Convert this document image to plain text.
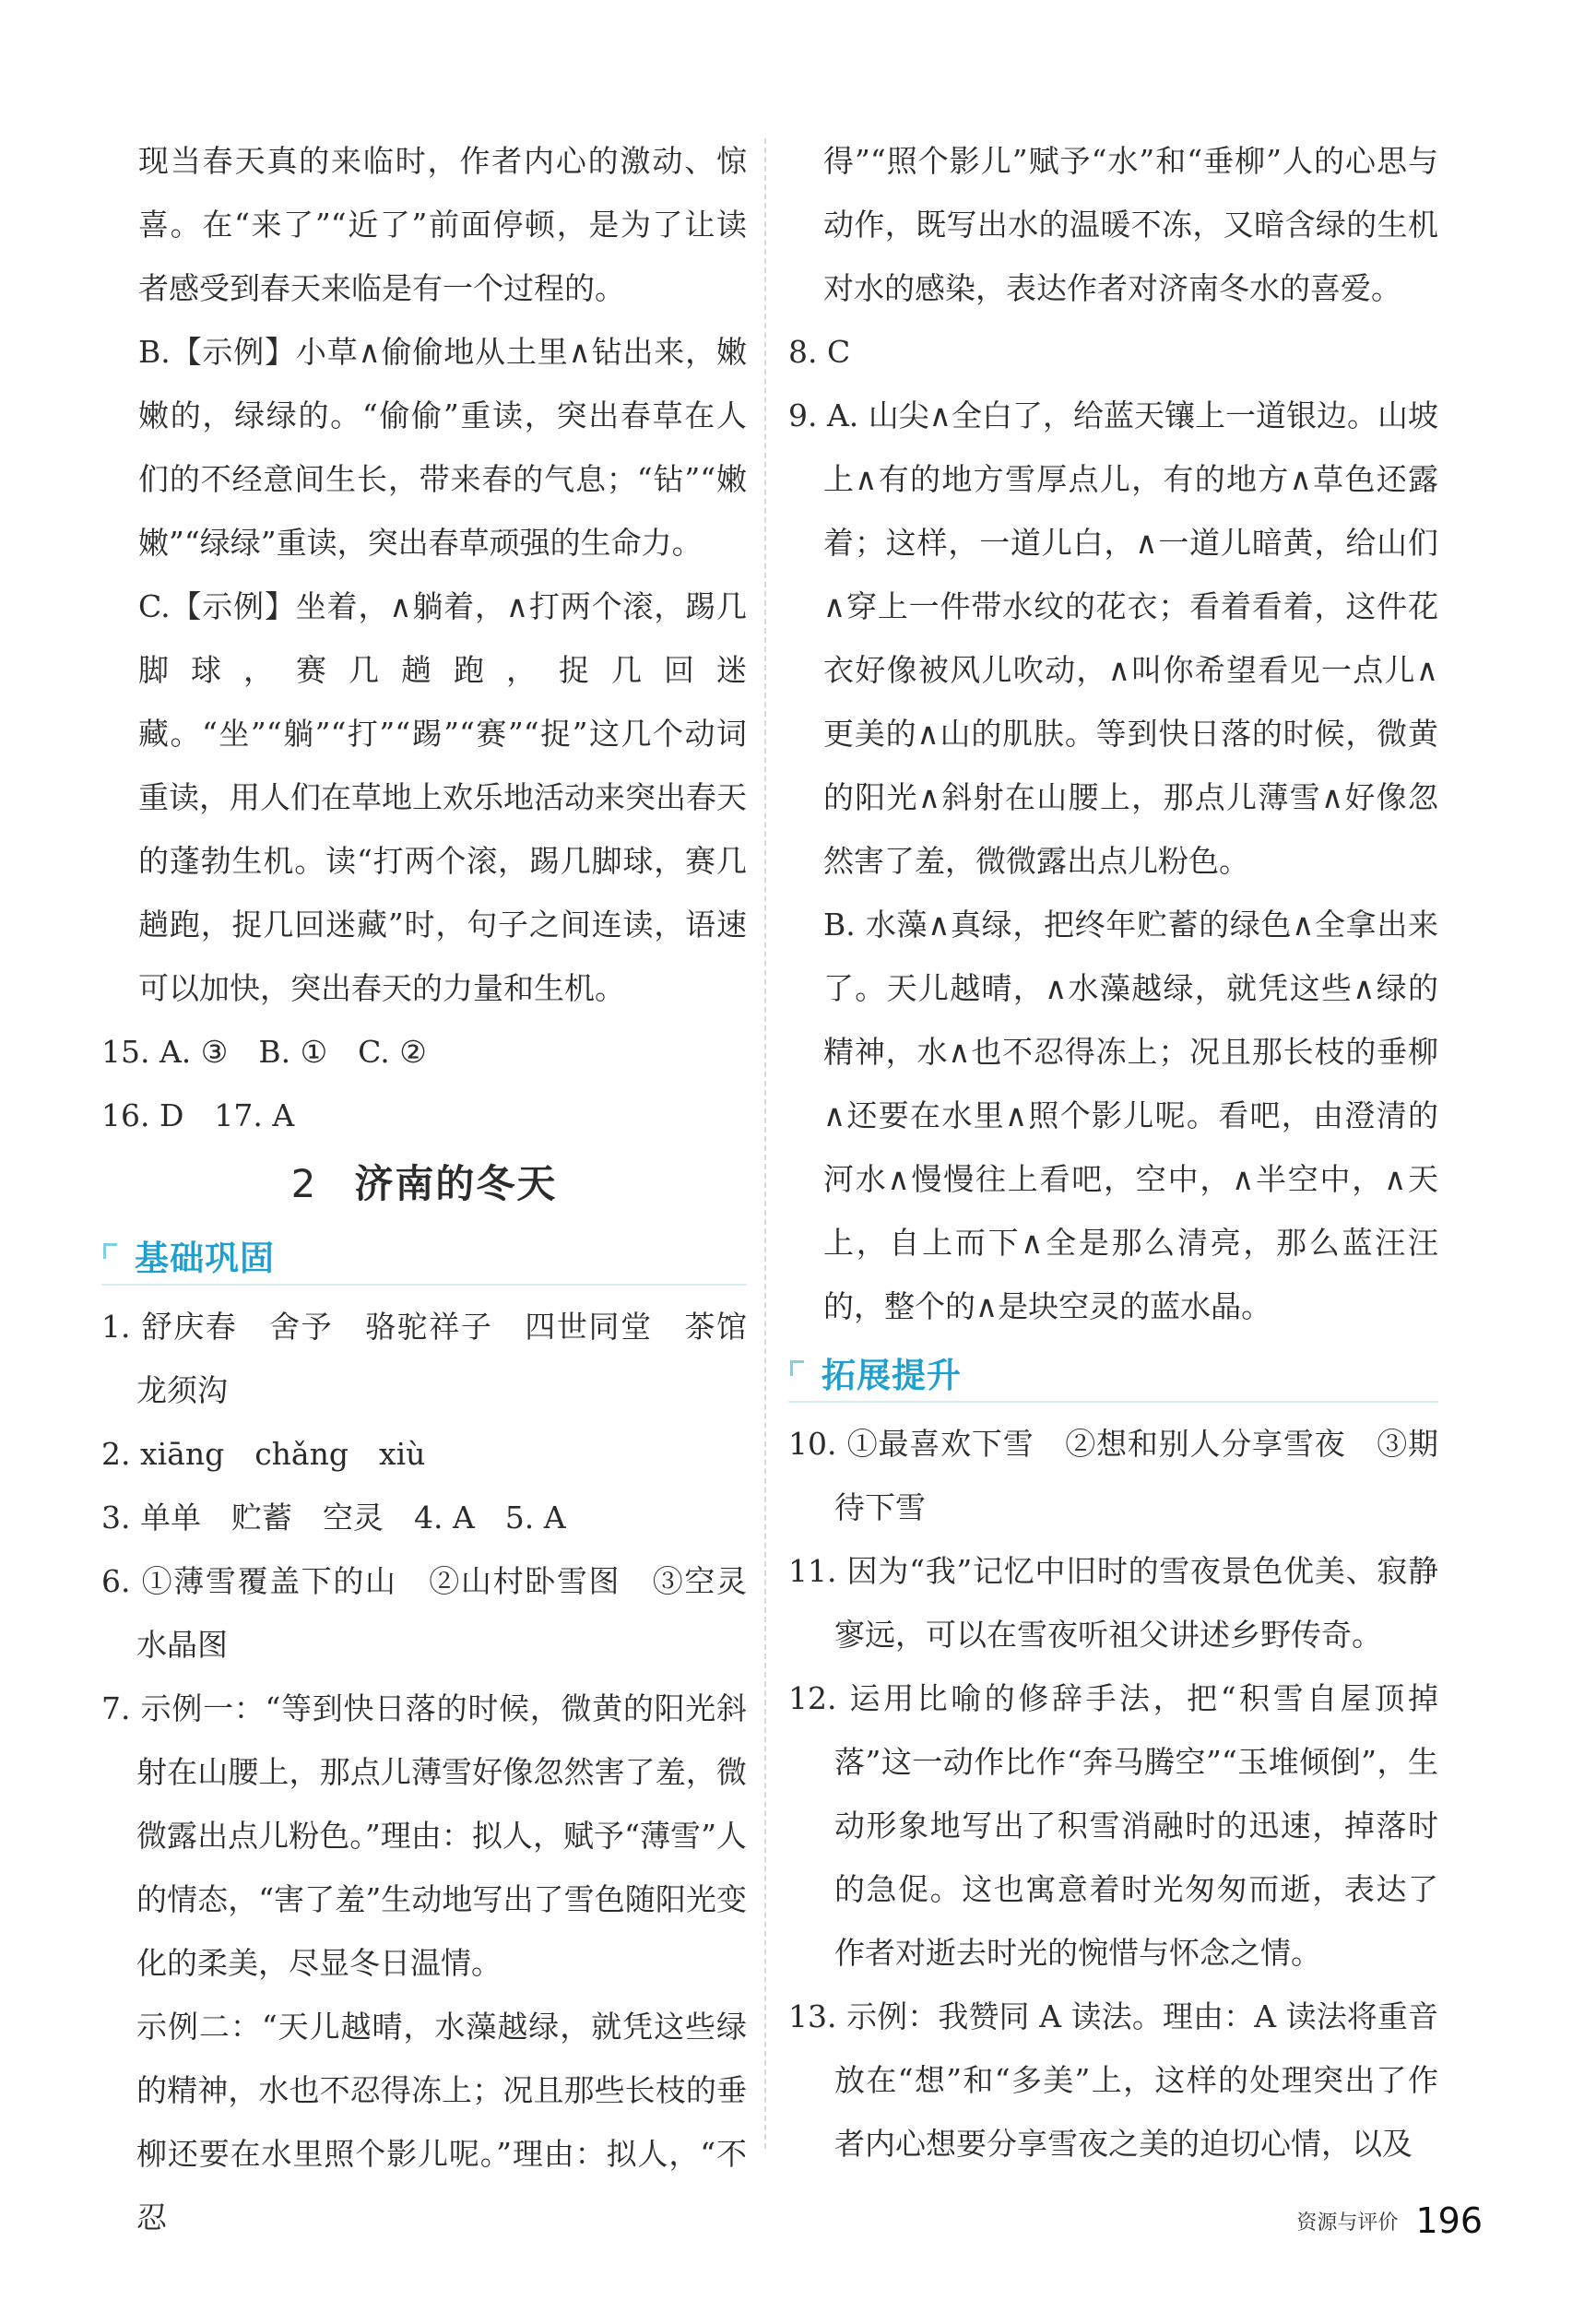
现当春天真的来临时，作者内心的激动、惊喜。在“来了”“近了”前面停顿，是为了让读者感受到春天来临是有一个过程的。

B.【示例】小草∧偷偷地从土里∧钻出来，嫩嫩的，绿绿的。“偷偷”重读，突出春草在人们的不经意间生长，带来春的气息；“钻”“嫩嫩”“绿绿”重读，突出春草顽强的生命力。

C.【示例】坐着，∧躺着，∧打两个滚，踢几脚球，赛几趟跑，捉几回迷藏。“坐”“躺”“打”“踢”“赛”“捉”这几个动词重读，用人们在草地上欢乐地活动来突出春天的蓬勃生机。读“打两个滚，踢几脚球，赛几趟跑，捉几回迷藏”时，句子之间连读，语速可以加快，突出春天的力量和生机。

15. A. ③　B. ①　C. ②

16. D　17. A

2 济南的冬天
基础巩固

1. 舒庆春　舍予　骆驼祥子　四世同堂　茶馆　龙须沟

2. xiāng　chǎng　xiù

3. 单单　贮蓄　空灵　4. A　5. A

6. ①薄雪覆盖下的山　②山村卧雪图　③空灵水晶图

7. 示例一：“等到快日落的时候，微黄的阳光斜射在山腰上，那点儿薄雪好像忽然害了羞，微微露出点儿粉色。”理由：拟人，赋予“薄雪”人的情态，“害了羞”生动地写出了雪色随阳光变化的柔美，尽显冬日温情。

示例二：“天儿越晴，水藻越绿，就凭这些绿的精神，水也不忍得冻上；况且那些长枝的垂柳还要在水里照个影儿呢。”理由：拟人，“不忍

得”“照个影儿”赋予“水”和“垂柳”人的心思与动作，既写出水的温暖不冻，又暗含绿的生机对水的感染，表达作者对济南冬水的喜爱。

8. C

9. A. 山尖∧全白了，给蓝天镶上一道银边。山坡上∧有的地方雪厚点儿，有的地方∧草色还露着；这样，一道儿白，∧一道儿暗黄，给山们∧穿上一件带水纹的花衣；看着看着，这件花衣好像被风儿吹动，∧叫你希望看见一点儿∧更美的∧山的肌肤。等到快日落的时候，微黄的阳光∧斜射在山腰上，那点儿薄雪∧好像忽然害了羞，微微露出点儿粉色。

B. 水藻∧真绿，把终年贮蓄的绿色∧全拿出来了。天儿越晴，∧水藻越绿，就凭这些∧绿的精神，水∧也不忍得冻上；况且那长枝的垂柳∧还要在水里∧照个影儿呢。看吧，由澄清的河水∧慢慢往上看吧，空中，∧半空中，∧天上，自上而下∧全是那么清亮，那么蓝汪汪的，整个的∧是块空灵的蓝水晶。

拓展提升

10. ①最喜欢下雪　②想和别人分享雪夜　③期待下雪

11. 因为“我”记忆中旧时的雪夜景色优美、寂静寥远，可以在雪夜听祖父讲述乡野传奇。

12. 运用比喻的修辞手法，把“积雪自屋顶掉落”这一动作比作“奔马腾空”“玉堆倾倒”，生动形象地写出了积雪消融时的迅速，掉落时的急促。这也寓意着时光匆匆而逝，表达了作者对逝去时光的惋惜与怀念之情。

13. 示例：我赞同 A 读法。理由：A 读法将重音放在“想”和“多美”上，这样的处理突出了作者内心想要分享雪夜之美的迫切心情，以及

资源与评价 196
